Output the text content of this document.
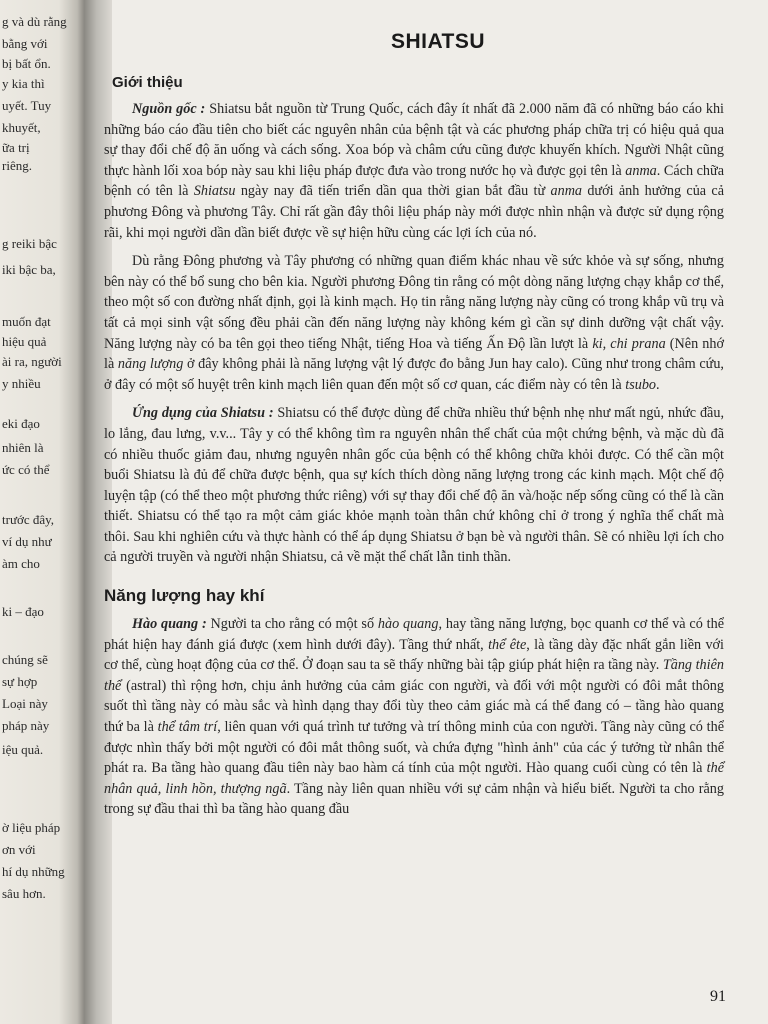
g và dù rằng
bằng với
bị bất ổn.
y kia thì
uyết. Tuy
khuyết,
ữa trị
riêng.
g reiki bậc
iki bậc ba,
muốn đạt
hiệu quả
ài ra, người
y nhiều
eki đạo
nhiên là
ức có thể
trước đây,
ví dụ như
àm cho
ki – đạo
chúng sẽ
sự hợp
Loại này
pháp này
iệu quả.
ờ liệu pháp
ơn với
hí dụ những
sâu hơn.
SHIATSU
Giới thiệu

Nguồn gốc : Shiatsu bắt nguồn từ Trung Quốc, cách đây ít nhất đã 2.000 năm đã có những báo cáo khi những báo cáo đầu tiên cho biết các nguyên nhân của bệnh tật và các phương pháp chữa trị có hiệu quả qua sự thay đổi chế độ ăn uống và cách sống. Xoa bóp và châm cứu cũng được khuyến khích. Người Nhật cũng thực hành lối xoa bóp này sau khi liệu pháp được đưa vào trong nước họ và được gọi tên là anma. Cách chữa bệnh có tên là Shiatsu ngày nay đã tiến triển dần qua thời gian bắt đầu từ anma dưới ảnh hưởng của cả phương Đông và phương Tây. Chỉ rất gần đây thôi liệu pháp này mới được nhìn nhận và được sử dụng rộng rãi, khi mọi người dần dần biết được về sự hiện hữu cùng các lợi ích của nó.

Dù rằng Đông phương và Tây phương có những quan điểm khác nhau về sức khỏe và sự sống, nhưng bên này có thể bổ sung cho bên kia. Người phương Đông tin rằng có một dòng năng lượng chạy khắp cơ thể, theo một số con đường nhất định, gọi là kinh mạch. Họ tin rằng năng lượng này cũng có trong khắp vũ trụ và tất cả mọi sinh vật sống đều phải cần đến năng lượng này không kém gì cần sự dinh dưỡng vật chất vậy. Năng lượng này có ba tên gọi theo tiếng Nhật, tiếng Hoa và tiếng Ấn Độ lần lượt là ki, chi prana (Nên nhớ là năng lượng ở đây không phải là năng lượng vật lý được đo bằng Jun hay calo). Cũng như trong châm cứu, ở đây có một số huyệt trên kinh mạch liên quan đến một số cơ quan, các điểm này có tên là tsubo.

Ứng dụng của Shiatsu : Shiatsu có thể được dùng để chữa nhiều thứ bệnh nhẹ như mất ngủ, nhức đầu, lo lắng, đau lưng, v.v... Tây y có thể không tìm ra nguyên nhân thể chất của một chứng bệnh, và mặc dù đã có nhiều thuốc giảm đau, nhưng nguyên nhân gốc của bệnh có thể không chữa khỏi được. Có thể cần một buổi Shiatsu là đủ để chữa được bệnh, qua sự kích thích dòng năng lượng trong các kinh mạch. Một chế độ luyện tập (có thể theo một phương thức riêng) với sự thay đổi chế độ ăn và/hoặc nếp sống cũng có thể là cần thiết. Shiatsu có thể tạo ra một cảm giác khỏe mạnh toàn thân chứ không chỉ ở trong ý nghĩa thể chất mà thôi. Sau khi nghiên cứu và thực hành có thể áp dụng Shiatsu ở bạn bè và người thân. Sẽ có nhiều lợi ích cho cả người truyền và người nhận Shiatsu, cả về mặt thể chất lẫn tinh thần.

Năng lượng hay khí

Hào quang : Người ta cho rằng có một số hào quang, hay tầng năng lượng, bọc quanh cơ thể và có thể phát hiện hay đánh giá được (xem hình dưới đây). Tầng thứ nhất, thể ête, là tầng dày đặc nhất gắn liền với cơ thể, cùng hoạt động của cơ thể. Ở đoạn sau ta sẽ thấy những bài tập giúp phát hiện ra tầng này. Tầng thiên thể (astral) thì rộng hơn, chịu ảnh hưởng của cảm giác con người, và đối với một người có đôi mắt thông suốt thì tầng này có màu sắc và hình dạng thay đổi tùy theo cảm giác mà cá thể đang có – tầng hào quang thứ ba là thể tâm trí, liên quan với quá trình tư tưởng và trí thông minh của con người. Tầng này cũng có thể được nhìn thấy bởi một người có đôi mắt thông suốt, và chứa đựng "hình ảnh" của các ý tưởng từ nhân thể phát ra. Ba tầng hào quang đầu tiên này bao hàm cá tính của một người. Hào quang cuối cùng có tên là thể nhân quả, linh hồn, thượng ngã. Tầng này liên quan nhiều với sự cảm nhận và hiểu biết. Người ta cho rằng trong sự đầu thai thì ba tầng hào quang đầu

91
